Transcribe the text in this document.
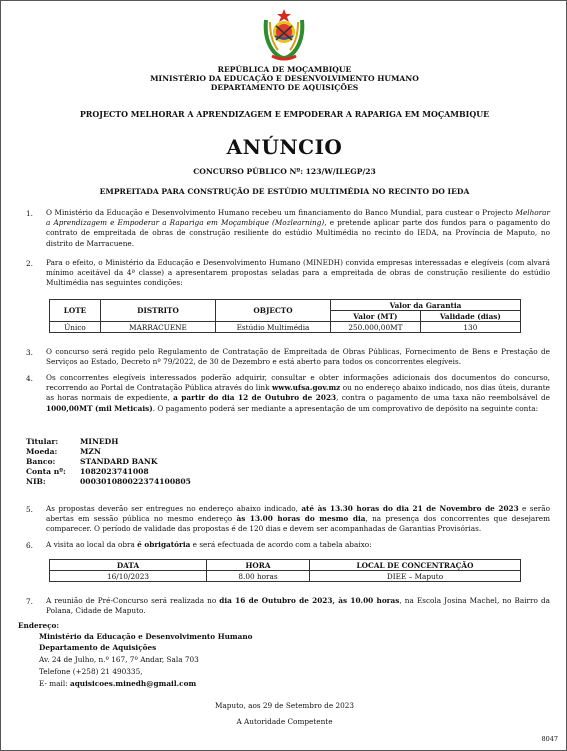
REPÚBLICA DE MOÇAMBIQUE
MINISTÉRIO DA EDUCAÇÃO E DESENVOLVIMENTO HUMANO
DEPARTAMENTO DE AQUISIÇÕES
PROJECTO MELHORAR A APRENDIZAGEM E EMPODERAR A RAPARIGA EM MOÇAMBIQUE
ANÚNCIO
CONCURSO PÚBLICO Nº: 123/W/ILEGP/23
EMPREITADA PARA CONSTRUÇÃO DE ESTÚDIO MULTIMÉDIA NO RECINTO DO IEDA
1. O Ministério da Educação e Desenvolvimento Humano recebeu um financiamento do Banco Mundial, para custear o Projecto Melhorar a Aprendizagem e Empoderar a Rapariga em Moçambique (Mozlearning), e pretende aplicar parte dos fundos para o pagamento do contrato de empreitada de obras de construção resiliente do estúdio Multimédia no recinto do IEDA, na Província de Maputo, no distrito de Marracuene.
2. Para o efeito, o Ministério da Educação e Desenvolvimento Humano (MINEDH) convida empresas interessadas e elegíveis (com alvará mínimo aceitável da 4ª classe) a apresentarem propostas seladas para a empreitada de obras de construção resiliente do estúdio Multimédia nas seguintes condições:
LOTE	DISTRITO	OBJECTO	Valor da Garantia	
			Valor (MT)	Validade (dias)
Único	MARRACUENE	Estúdio Multimédia	250.000,00MT	130
3. O concurso será regido pelo Regulamento de Contratação de Empreitada de Obras Públicas, Fornecimento de Bens e Prestação de Serviços ao Estado, Decreto nº 79/2022, de 30 de Dezembro e está aberto para todos os concorrentes elegíveis.
4. Os concorrentes elegíveis interessados poderão adquirir, consultar e obter informações adicionais dos documentos do concurso, recorrendo ao Portal de Contratação Pública através do link www.ufsa.gov.mz ou no endereço abaixo indicado, nos dias úteis, durante as horas normais de expediente, a partir do dia 12 de Outubro de 2023, contra o pagamento de uma taxa não reembolsável de 1000,00MT (mil Meticais). O pagamento poderá ser mediante a apresentação de um comprovativo de depósito na seguinte conta:
Titular:	MINEDH
Moeda:	MZN
Banco:	STANDARD BANK
Conta nº: 1082023741008
NIB:	000301080022374100805
5. As propostas deverão ser entregues no endereço abaixo indicado, até às 13.30 horas do dia 21 de Novembro de 2023 e serão abertas em sessão pública no mesmo endereço às 13.00 horas do mesmo dia, na presença dos concorrentes que desejarem comparecer. O período de validade das propostas é de 120 dias e devem ser acompanhadas de Garantias Provisórias.
6. A visita ao local da obra é obrigatória e será efectuada de acordo com a tabela abaixo:
DATA	HORA	LOCAL DE CONCENTRAÇÃO
16/10/2023	8.00 horas	DIEE – Maputo
7. A reunião de Pré-Concurso será realizada no dia 16 de Outubro de 2023, às 10.00 horas, na Escola Josina Machel, no Bairro da Polana, Cidade de Maputo.
Endereço:
Ministério da Educação e Desenvolvimento Humano
Departamento de Aquisições
Av. 24 de Julho, n.º 167, 7º Andar, Sala 703
Telefone (+258) 21 490335,
E- mail: aquisicoes.minedh@gmail.com
Maputo, aos 29 de Setembro de 2023
A Autoridade Competente
8047
